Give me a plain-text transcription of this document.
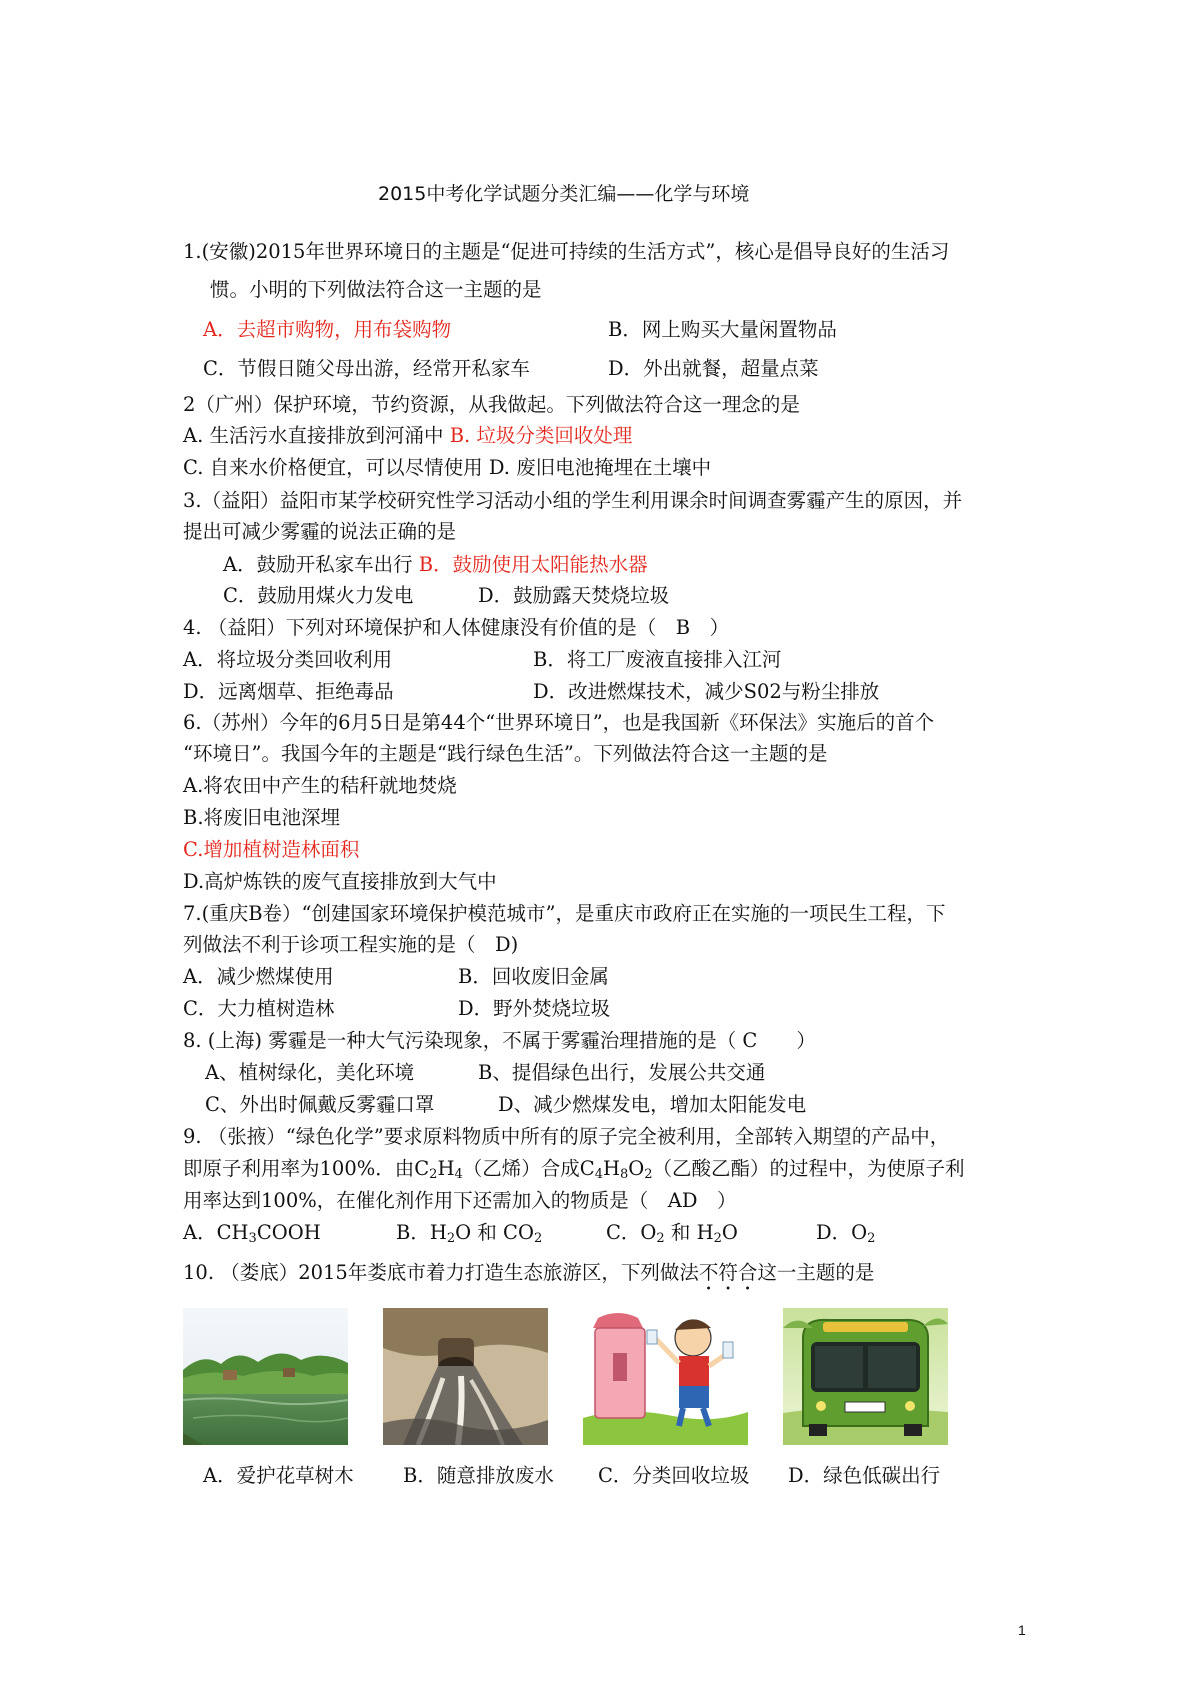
2015中考化学试题分类汇编——化学与环境
1.(安徽)2015年世界环境日的主题是“促进可持续的生活方式”，核心是倡导良好的生活习
惯。小明的下列做法符合这一主题的是
A．去超市购物，用布袋购物	B．网上购买大量闲置物品
C．节假日随父母出游，经常开私家车	D．外出就餐，超量点菜
2（广州）保护环境，节约资源，从我做起。下列做法符合这一理念的是
A. 生活污水直接排放到河涌中 B. 垃圾分类回收处理
C. 自来水价格便宜，可以尽情使用 D. 废旧电池掩埋在土壤中
3.（益阳）益阳市某学校研究性学习活动小组的学生利用课余时间调查雾霾产生的原因，并
提出可减少雾霾的说法正确的是
A．鼓励开私家车出行 B．鼓励使用太阳能热水器
C．鼓励用煤火力发电	D．鼓励露天焚烧垃圾
4. （益阳）下列对环境保护和人体健康没有价值的是（　B　）
A．将垃圾分类回收利用	B．将工厂废液直接排入江河
D．远离烟草、拒绝毒品	D．改进燃煤技术，减少S02与粉尘排放
6.（苏州）今年的6月5日是第44个“世界环境日”，也是我国新《环保法》实施后的首个
“环境日”。我国今年的主题是“践行绿色生活”。下列做法符合这一主题的是
A.将农田中产生的秸秆就地焚烧
B.将废旧电池深埋
C.增加植树造林面积
D.高炉炼铁的废气直接排放到大气中
7.(重庆B卷）“创建国家环境保护模范城市”，是重庆市政府正在实施的一项民生工程，下
列做法不利于诊项工程实施的是（　D)
A．减少燃煤使用	B．回收废旧金属
C．大力植树造林	D．野外焚烧垃圾
8. (上海) 雾霾是一种大气污染现象，不属于雾霾治理措施的是（ C　　）
A、植树绿化，美化环境	B、提倡绿色出行，发展公共交通
C、外出时佩戴反雾霾口罩	D、减少燃煤发电，增加太阳能发电
9. （张掖）“绿色化学”要求原料物质中所有的原子完全被利用，全部转入期望的产品中，
即原子利用率为100%．由$C_2H_4$（乙烯）合成$C_4H_8O_2$（乙酸乙酯）的过程中，为使原子利
用率达到100%，在催化剂作用下还需加入的物质是（　AD　）
A．$CH_3COOH$	B．$H_2O$ 和 $CO_2$	C．$O_2$ 和 $H_2O$	D．$O_2$
10. （娄底）2015年娄底市着力打造生态旅游区，下列做法不符合这一主题的是
A．爱护花草树木	B．随意排放废水 C．分类回收垃圾 D．绿色低碳出行
1
